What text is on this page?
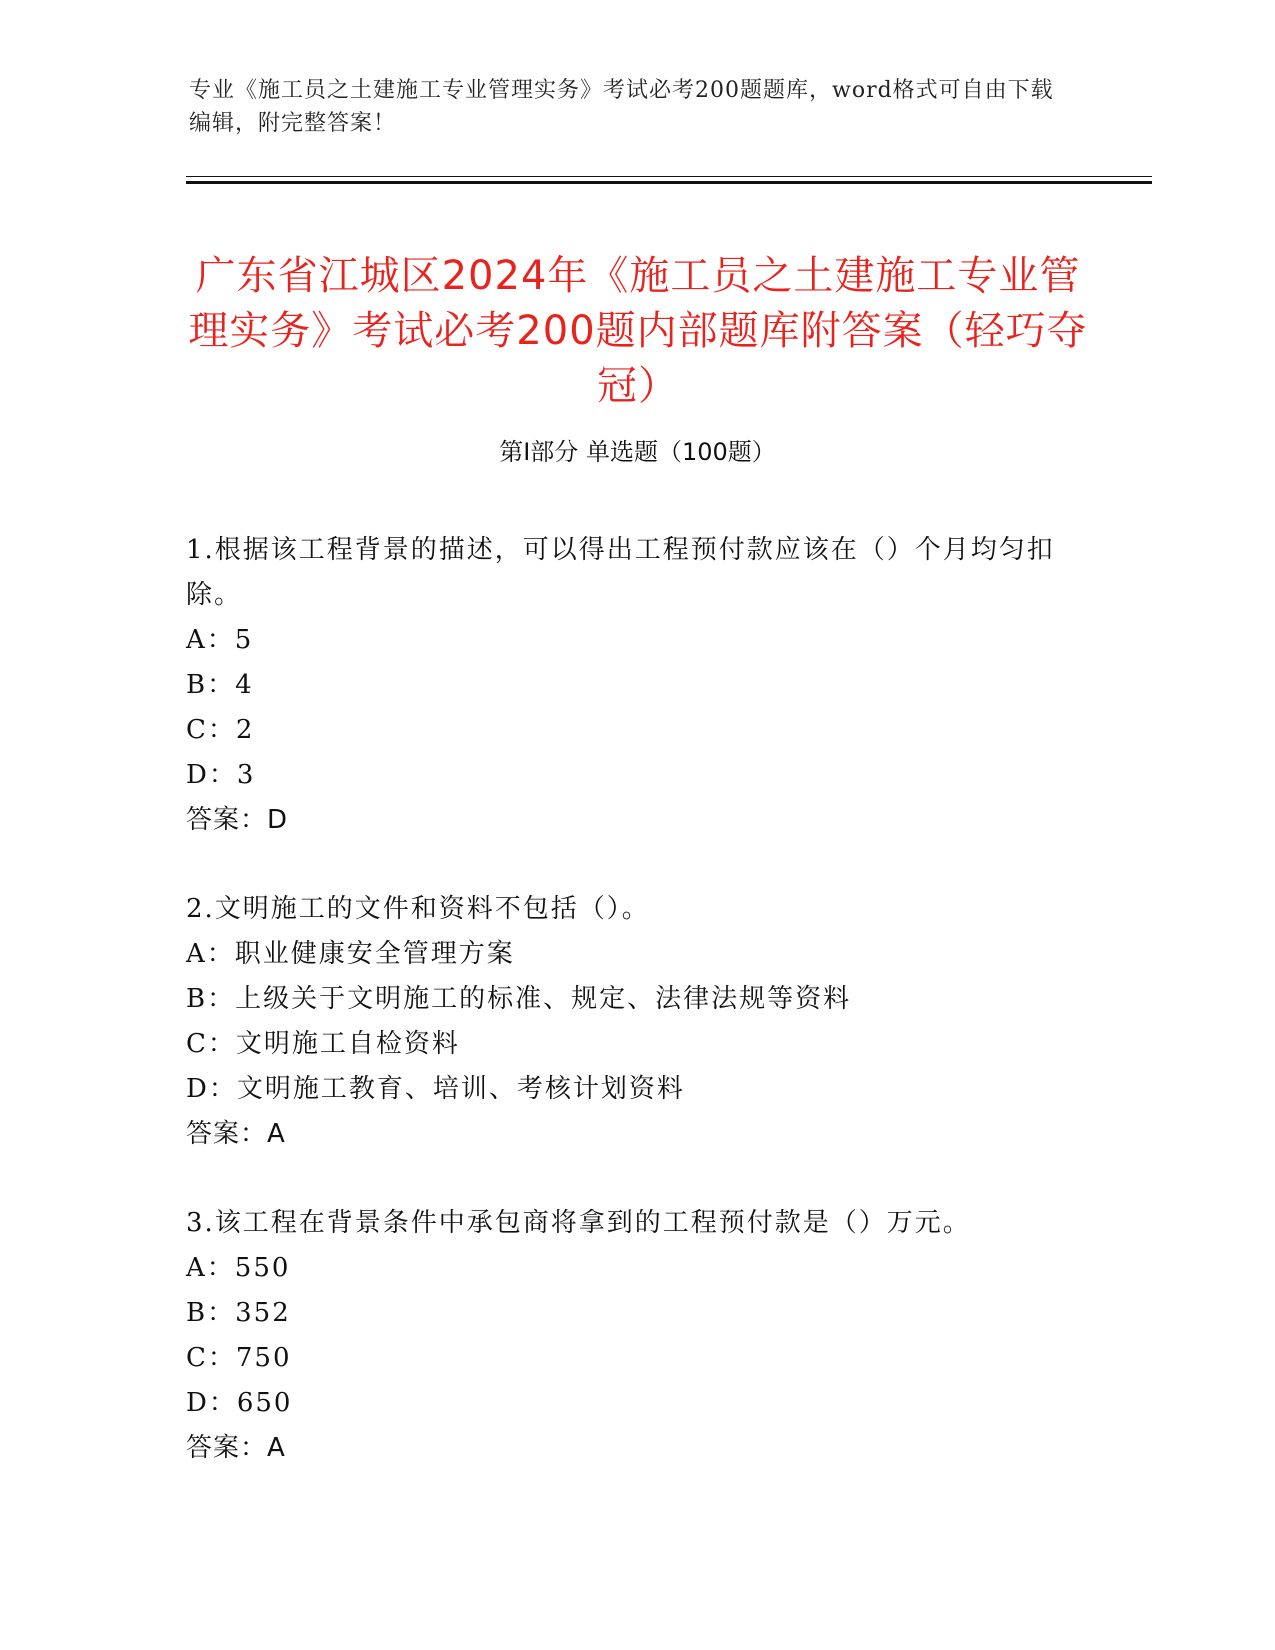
专业《施工员之土建施工专业管理实务》考试必考200题题库，word格式可自由下载编辑，附完整答案！
广东省江城区2024年《施工员之土建施工专业管理实务》考试必考200题内部题库附答案（轻巧夺冠）
第I部分 单选题（100题）
1.根据该工程背景的描述，可以得出工程预付款应该在（）个月均匀扣除。
A：5
B：4
C：2
D：3
答案：D
2.文明施工的文件和资料不包括（）。
A：职业健康安全管理方案
B：上级关于文明施工的标准、规定、法律法规等资料
C：文明施工自检资料
D：文明施工教育、培训、考核计划资料
答案：A
3.该工程在背景条件中承包商将拿到的工程预付款是（）万元。
A：550
B：352
C：750
D：650
答案：A
